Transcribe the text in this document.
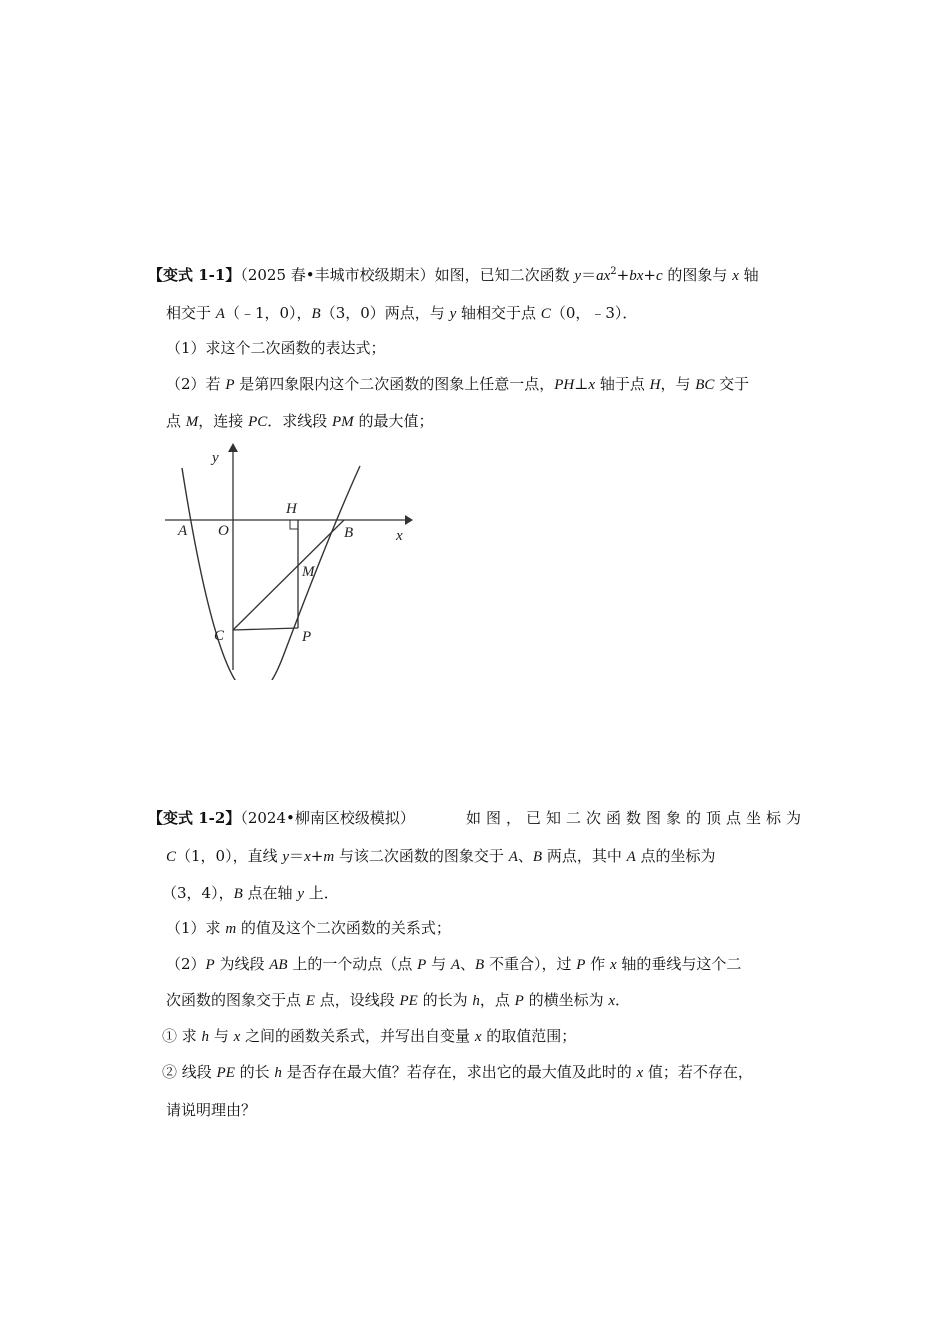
【变式 1-1】（2025 春•丰城市校级期末）如图，已知二次函数 $y=ax^2+bx+c$ 的图象与 x 轴
相交于 A（﹣1，0），B（3，0）两点，与 y 轴相交于点 C（0，﹣3）．
（1）求这个二次函数的表达式；
（2）若 P 是第四象限内这个二次函数的图象上任意一点，PH⊥x 轴于点 H，与 BC 交于
点 M，连接 PC．求线段 PM 的最大值；
y
x
A O	B
H
M
C	P
【变式 1-2】（2024•柳南区校级模拟）	如图，已知二次函数图象的顶点坐标为
C（1，0），直线 y＝x+m 与该二次函数的图象交于 A、B 两点，其中 A 点的坐标为
（3，4），B 点在轴 y 上．
（1）求 m 的值及这个二次函数的关系式；
（2）P 为线段 AB 上的一个动点（点 P 与 A、B 不重合），过 P 作 x 轴的垂线与这个二
次函数的图象交于点 E 点，设线段 PE 的长为 h，点 P 的横坐标为 x．
① 求 h 与 x 之间的函数关系式，并写出自变量 x 的取值范围；
② 线段 PE 的长 h 是否存在最大值？若存在，求出它的最大值及此时的 x 值；若不存在，
请说明理由？
